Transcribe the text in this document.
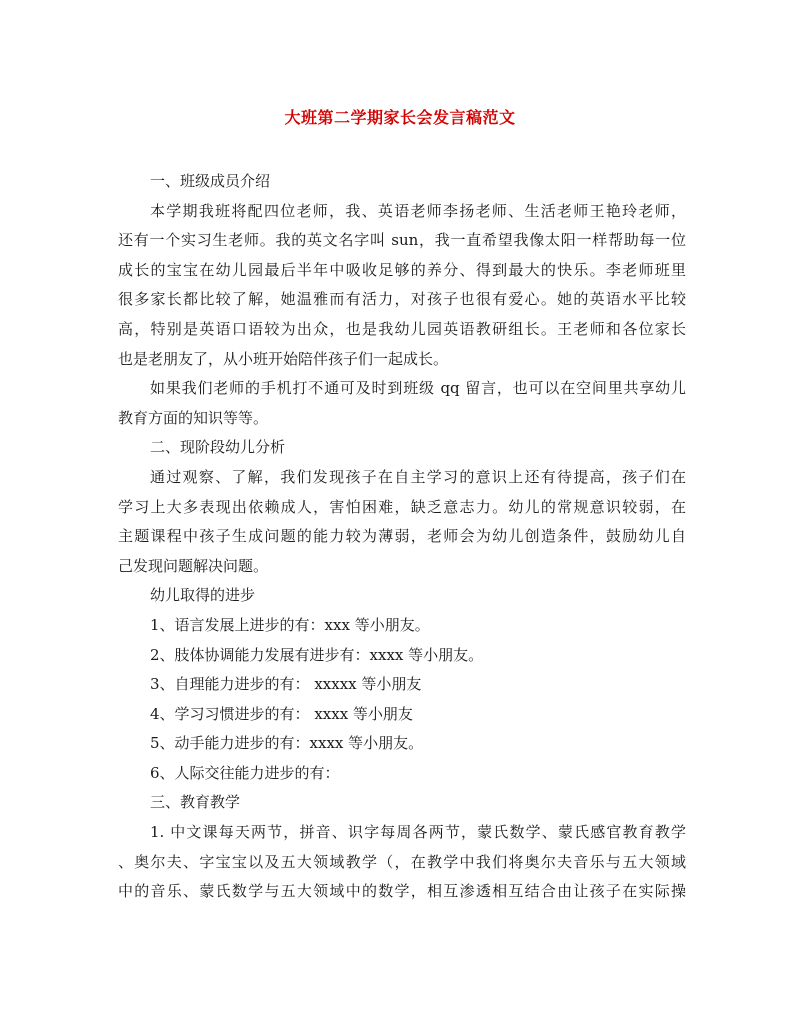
大班第二学期家长会发言稿范文
一、班级成员介绍
本学期我班将配四位老师，我、英语老师李扬老师、生活老师王艳玲老师，
还有一个实习生老师。我的英文名字叫 sun，我一直希望我像太阳一样帮助每一位
成长的宝宝在幼儿园最后半年中吸收足够的养分、得到最大的快乐。李老师班里
很多家长都比较了解，她温雅而有活力，对孩子也很有爱心。她的英语水平比较
高，特别是英语口语较为出众，也是我幼儿园英语教研组长。王老师和各位家长
也是老朋友了，从小班开始陪伴孩子们一起成长。
如果我们老师的手机打不通可及时到班级 qq 留言，也可以在空间里共享幼儿
教育方面的知识等等。
二、现阶段幼儿分析
通过观察、了解，我们发现孩子在自主学习的意识上还有待提高，孩子们在
学习上大多表现出依赖成人，害怕困难，缺乏意志力。幼儿的常规意识较弱，在
主题课程中孩子生成问题的能力较为薄弱，老师会为幼儿创造条件，鼓励幼儿自
己发现问题解决问题。
幼儿取得的进步
1、语言发展上进步的有：xxx 等小朋友。
2、肢体协调能力发展有进步有：xxxx 等小朋友。
3、自理能力进步的有： xxxxx 等小朋友
4、学习习惯进步的有： xxxx 等小朋友
5、动手能力进步的有：xxxx 等小朋友。
6、人际交往能力进步的有：
三、教育教学
1. 中文课每天两节，拼音、识字每周各两节，蒙氏数学、蒙氏感官教育教学
、奥尔夫、字宝宝以及五大领域教学（，在教学中我们将奥尔夫音乐与五大领域
中的音乐、蒙氏数学与五大领域中的数学，相互渗透相互结合由让孩子在实际操
